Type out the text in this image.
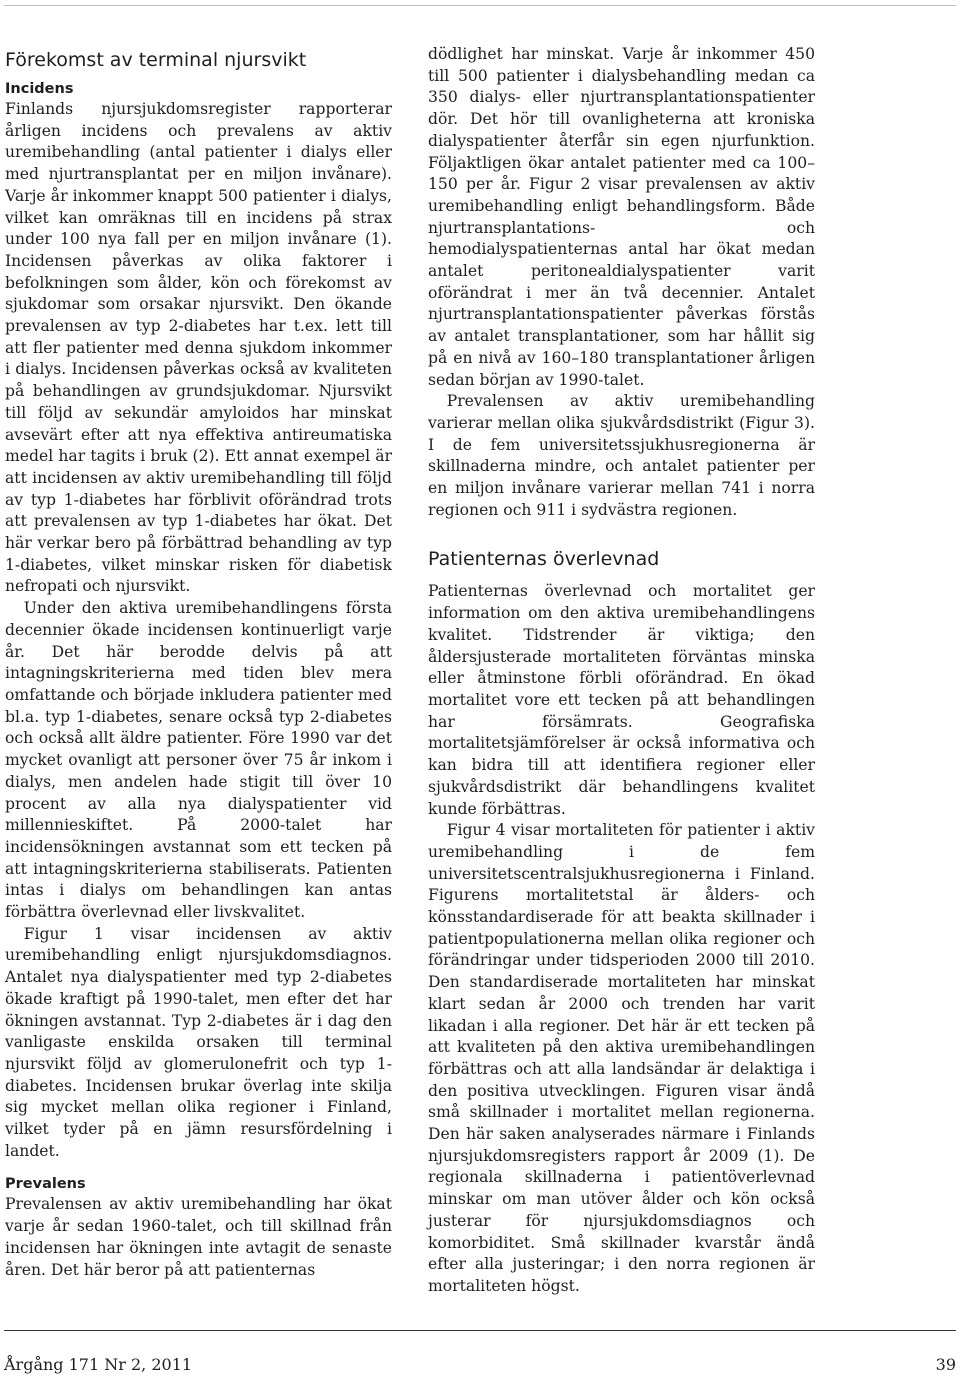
Förekomst av terminal njursvikt
Incidens

Finlands njursjukdomsregister rapporterar årligen incidens och prevalens av aktiv uremibehandling (antal patienter i dialys eller med njurtransplantat per en miljon invånare). Varje år inkommer knappt 500 patienter i dialys, vilket kan omräknas till en incidens på strax under 100 nya fall per en miljon invånare (1). Incidensen påverkas av olika faktorer i befolkningen som ålder, kön och förekomst av sjukdomar som orsakar njursvikt. Den ökande prevalensen av typ 2-diabetes har t.ex. lett till att fler patienter med denna sjukdom inkommer i dialys. Incidensen påverkas också av kvaliteten på behandlingen av grundsjukdomar. Njursvikt till följd av sekundär amyloidos har minskat avsevärt efter att nya effektiva antireumatiska medel har tagits i bruk (2). Ett annat exempel är att incidensen av aktiv uremibehandling till följd av typ 1-diabetes har förblivit oförändrad trots att prevalensen av typ 1-diabetes har ökat. Det här verkar bero på förbättrad behandling av typ 1-diabetes, vilket minskar risken för diabetisk nefropati och njursvikt.

Under den aktiva uremibehandlingens första decennier ökade incidensen kontinuerligt varje år. Det här berodde delvis på att intagningskriterierna med tiden blev mera omfattande och började inkludera patienter med bl.a. typ 1-diabetes, senare också typ 2-diabetes och också allt äldre patienter. Före 1990 var det mycket ovanligt att personer över 75 år inkom i dialys, men andelen hade stigit till över 10 procent av alla nya dialyspatienter vid millennieskiftet. På 2000-talet har incidensökningen avstannat som ett tecken på att intagningskriterierna stabiliserats. Patienten intas i dialys om behandlingen kan antas förbättra överlevnad eller livskvalitet.

Figur 1 visar incidensen av aktiv uremibehandling enligt njursjukdomsdiagnos. Antalet nya dialyspatienter med typ 2-diabetes ökade kraftigt på 1990-talet, men efter det har ökningen avstannat. Typ 2-diabetes är i dag den vanligaste enskilda orsaken till terminal njursvikt följd av glomerulonefrit och typ 1-diabetes. Incidensen brukar överlag inte skilja sig mycket mellan olika regioner i Finland, vilket tyder på en jämn resursfördelning i landet.

Prevalens

Prevalensen av aktiv uremibehandling har ökat varje år sedan 1960-talet, och till skillnad från incidensen har ökningen inte avtagit de senaste åren. Det här beror på att patienternas

dödlighet har minskat. Varje år inkommer 450 till 500 patienter i dialysbehandling medan ca 350 dialys- eller njurtransplantationspatienter dör. Det hör till ovanligheterna att kroniska dialyspatienter återfår sin egen njurfunktion. Följaktligen ökar antalet patienter med ca 100–150 per år. Figur 2 visar prevalensen av aktiv uremibehandling enligt behandlingsform. Både njurtransplantations- och hemodialyspatienternas antal har ökat medan antalet peritonealdialyspatienter varit oförändrat i mer än två decennier. Antalet njurtransplantationspatienter påverkas förstås av antalet transplantationer, som har hållit sig på en nivå av 160–180 transplantationer årligen sedan början av 1990-talet.

Prevalensen av aktiv uremibehandling varierar mellan olika sjukvårdsdistrikt (Figur 3). I de fem universitetssjukhusregionerna är skillnaderna mindre, och antalet patienter per en miljon invånare varierar mellan 741 i norra regionen och 911 i sydvästra regionen.

Patienternas överlevnad

Patienternas överlevnad och mortalitet ger information om den aktiva uremibehandlingens kvalitet. Tidstrender är viktiga; den åldersjusterade mortaliteten förväntas minska eller åtminstone förbli oförändrad. En ökad mortalitet vore ett tecken på att behandlingen har försämrats. Geografiska mortalitetsjämförelser är också informativa och kan bidra till att identifiera regioner eller sjukvårdsdistrikt där behandlingens kvalitet kunde förbättras.

Figur 4 visar mortaliteten för patienter i aktiv uremibehandling i de fem universitetscentralsjukhusregionerna i Finland. Figurens mortalitetstal är ålders- och könsstandardiserade för att beakta skillnader i patientpopulationerna mellan olika regioner och förändringar under tidsperioden 2000 till 2010. Den standardiserade mortaliteten har minskat klart sedan år 2000 och trenden har varit likadan i alla regioner. Det här är ett tecken på att kvaliteten på den aktiva uremibehandlingen förbättras och att alla landsändar är delaktiga i den positiva utvecklingen. Figuren visar ändå små skillnader i mortalitet mellan regionerna. Den här saken analyserades närmare i Finlands njursjukdomsregisters rapport år 2009 (1). De regionala skillnaderna i patientöverlevnad minskar om man utöver ålder och kön också justerar för njursjukdomsdiagnos och komorbiditet. Små skillnader kvarstår ändå efter alla justeringar; i den norra regionen är mortaliteten högst.

Årgång 171 Nr 2, 2011	39
